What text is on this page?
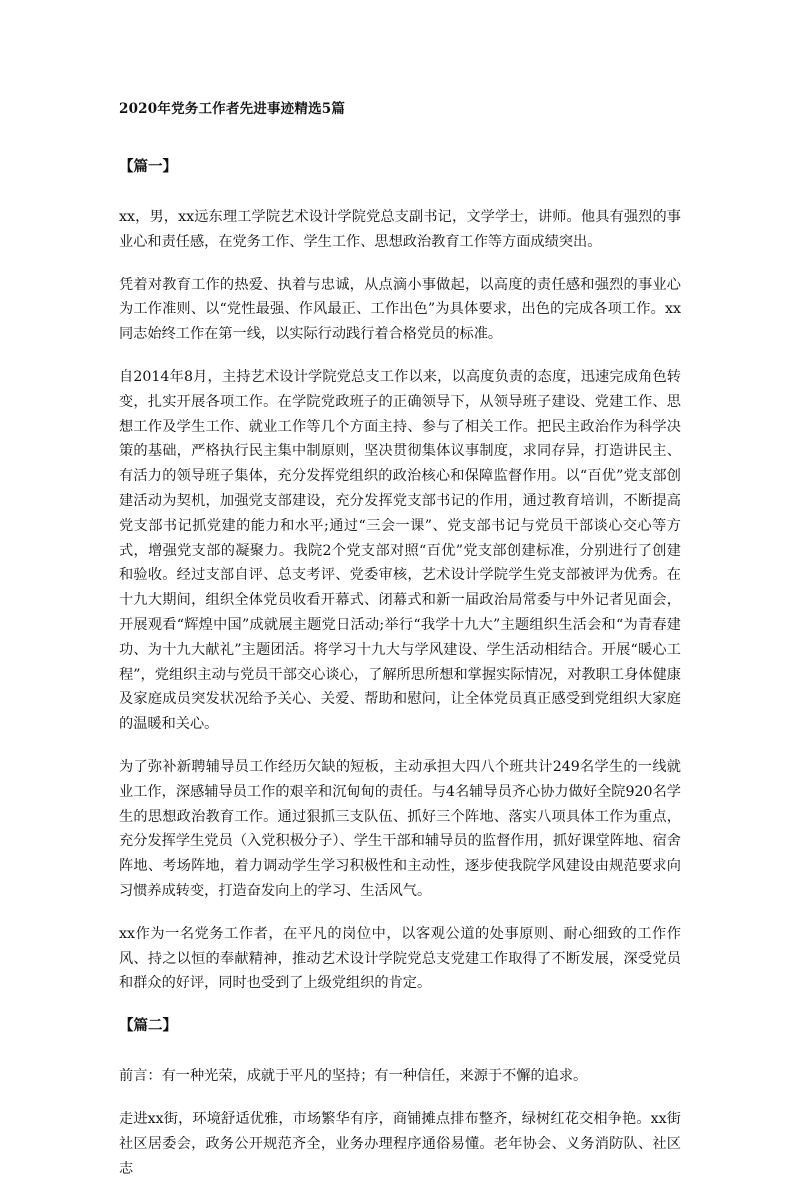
2020年党务工作者先进事迹精选5篇
【篇一】

xx，男，xx远东理工学院艺术设计学院党总支副书记，文学学士，讲师。他具有强烈的事业心和责任感，在党务工作、学生工作、思想政治教育工作等方面成绩突出。

凭着对教育工作的热爱、执着与忠诚，从点滴小事做起，以高度的责任感和强烈的事业心为工作准则、以“党性最强、作风最正、工作出色”为具体要求，出色的完成各项工作。xx同志始终工作在第一线，以实际行动践行着合格党员的标准。

自2014年8月，主持艺术设计学院党总支工作以来，以高度负责的态度，迅速完成角色转变，扎实开展各项工作。在学院党政班子的正确领导下，从领导班子建设、党建工作、思想工作及学生工作、就业工作等几个方面主持、参与了相关工作。把民主政治作为科学决策的基础，严格执行民主集中制原则，坚决贯彻集体议事制度，求同存异，打造讲民主、有活力的领导班子集体，充分发挥党组织的政治核心和保障监督作用。以“百优”党支部创建活动为契机，加强党支部建设，充分发挥党支部书记的作用，通过教育培训，不断提高党支部书记抓党建的能力和水平;通过“三会一课”、党支部书记与党员干部谈心交心等方式，增强党支部的凝聚力。我院2个党支部对照“百优”党支部创建标准，分别进行了创建和验收。经过支部自评、总支考评、党委审核，艺术设计学院学生党支部被评为优秀。在十九大期间，组织全体党员收看开幕式、闭幕式和新一届政治局常委与中外记者见面会，开展观看“辉煌中国”成就展主题党日活动;举行“我学十九大”主题组织生活会和“为青春建功、为十九大献礼”主题团活。将学习十九大与学风建设、学生活动相结合。开展“暖心工程”，党组织主动与党员干部交心谈心，了解所思所想和掌握实际情况，对教职工身体健康及家庭成员突发状况给予关心、关爱、帮助和慰问，让全体党员真正感受到党组织大家庭的温暖和关心。

为了弥补新聘辅导员工作经历欠缺的短板，主动承担大四八个班共计249名学生的一线就业工作，深感辅导员工作的艰辛和沉甸甸的责任。与4名辅导员齐心协力做好全院920名学生的思想政治教育工作。通过狠抓三支队伍、抓好三个阵地、落实八项具体工作为重点，充分发挥学生党员（入党积极分子）、学生干部和辅导员的监督作用，抓好课堂阵地、宿舍阵地、考场阵地，着力调动学生学习积极性和主动性，逐步使我院学风建设由规范要求向习惯养成转变，打造奋发向上的学习、生活风气。

xx作为一名党务工作者，在平凡的岗位中，以客观公道的处事原则、耐心细致的工作作风、持之以恒的奉献精神，推动艺术设计学院党总支党建工作取得了不断发展，深受党员和群众的好评，同时也受到了上级党组织的肯定。

【篇二】

前言：有一种光荣，成就于平凡的坚持；有一种信任，来源于不懈的追求。

走进xx街，环境舒适优雅，市场繁华有序，商铺摊点排布整齐，绿树红花交相争艳。xx街社区居委会，政务公开规范齐全，业务办理程序通俗易懂。老年协会、义务消防队、社区志
